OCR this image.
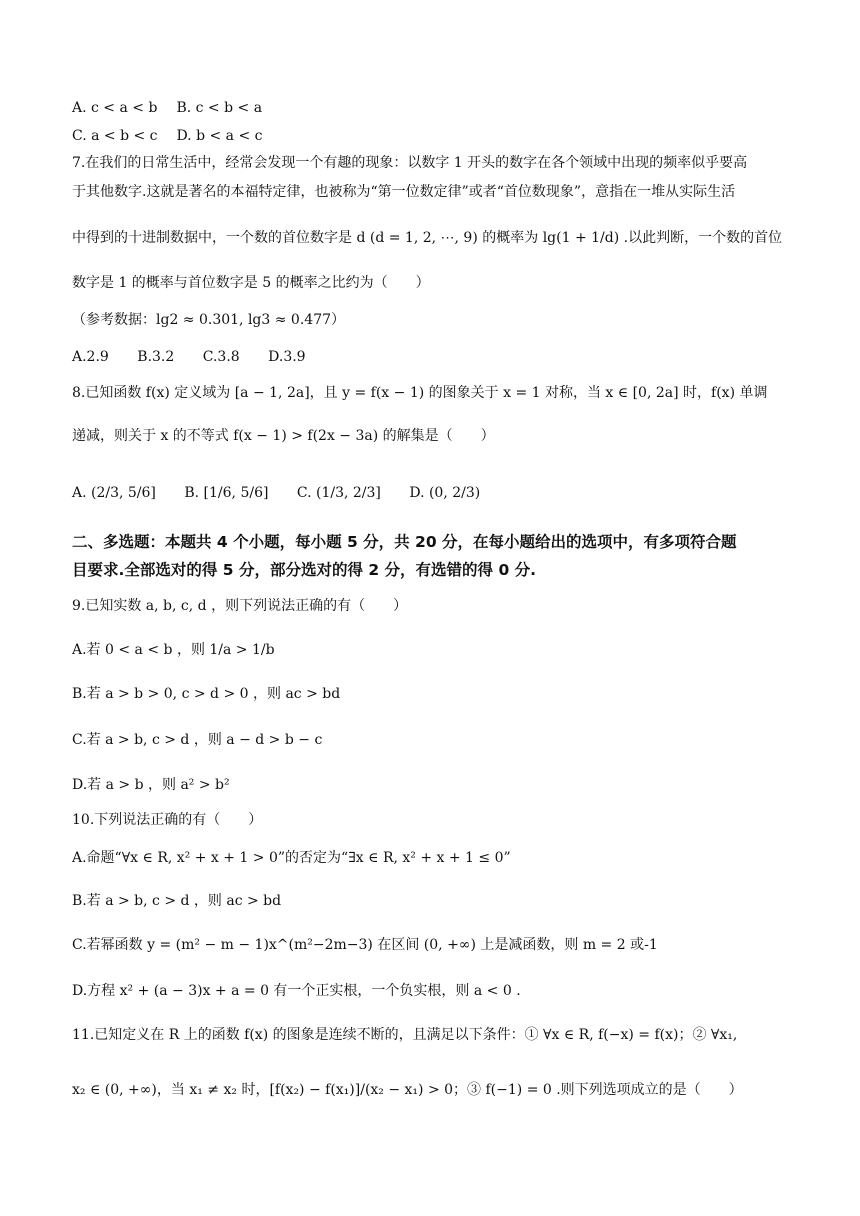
A. c < a < b B. c < b < a
C. a < b < c D. b < a < c
7.在我们的日常生活中，经常会发现一个有趣的现象：以数字 1 开头的数字在各个领域中出现的频率似乎要高
于其他数字.这就是著名的本福特定律，也被称为“第一位数定律”或者“首位数现象”，意指在一堆从实际生活
中得到的十进制数据中，一个数的首位数字是 d (d = 1, 2, ⋯, 9) 的概率为 lg(1 + 1/d) .以此判断，一个数的首位
数字是 1 的概率与首位数字是 5 的概率之比约为（　　）
（参考数据：lg2 ≈ 0.301, lg3 ≈ 0.477）
A.2.9 B.3.2 C.3.8 D.3.9
8.已知函数 f(x) 定义域为 [a − 1, 2a]，且 y = f(x − 1) 的图象关于 x = 1 对称，当 x ∈ [0, 2a] 时，f(x) 单调
递减，则关于 x 的不等式 f(x − 1) > f(2x − 3a) 的解集是（　　）
A. (2/3, 5/6] B. [1/6, 5/6] C. (1/3, 2/3] D. (0, 2/3)
二、多选题：本题共 4 个小题，每小题 5 分，共 20 分，在每小题给出的选项中，有多项符合题
目要求.全部选对的得 5 分，部分选对的得 2 分，有选错的得 0 分.
9.已知实数 a, b, c, d ，则下列说法正确的有（　　）
A.若 0 < a < b ，则 1/a > 1/b
B.若 a > b > 0, c > d > 0 ，则 ac > bd
C.若 a > b, c > d ，则 a − d > b − c
D.若 a > b ，则 a² > b²
10.下列说法正确的有（　　）
A.命题“∀x ∈ R, x² + x + 1 > 0”的否定为“∃x ∈ R, x² + x + 1 ≤ 0”
B.若 a > b, c > d ，则 ac > bd
C.若幂函数 y = (m² − m − 1)x^(m²−2m−3) 在区间 (0, +∞) 上是减函数，则 m = 2 或-1
D.方程 x² + (a − 3)x + a = 0 有一个正实根，一个负实根，则 a < 0 .
11.已知定义在 R 上的函数 f(x) 的图象是连续不断的，且满足以下条件：① ∀x ∈ R, f(−x) = f(x)；② ∀x₁,
x₂ ∈ (0, +∞)，当 x₁ ≠ x₂ 时，[f(x₂) − f(x₁)]/(x₂ − x₁) > 0；③ f(−1) = 0 .则下列选项成立的是（　　）
